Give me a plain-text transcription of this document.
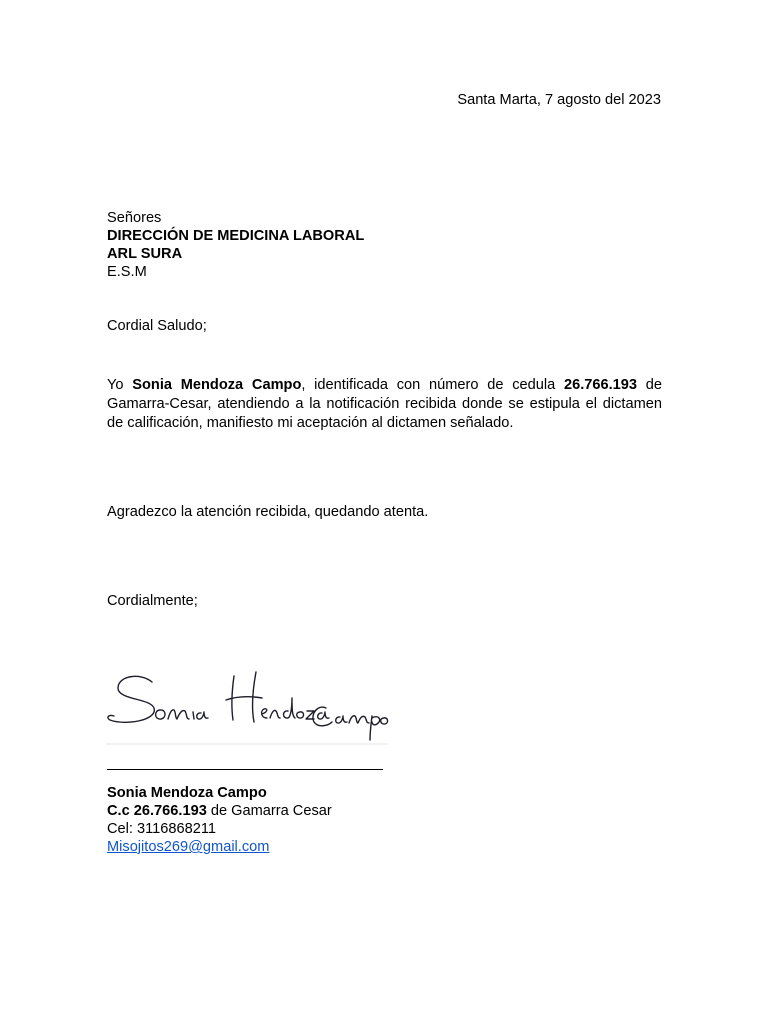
Santa Marta, 7 agosto del 2023
Señores
DIRECCIÓN DE MEDICINA LABORAL
ARL SURA
E.S.M
Cordial Saludo;
Yo Sonia Mendoza Campo, identificada con número de cedula 26.766.193 de Gamarra-Cesar, atendiendo a la notificación recibida donde se estipula el dictamen de calificación, manifiesto mi aceptación al dictamen señalado.
Agradezco la atención recibida, quedando atenta.
Cordialmente;
Sonia Mendoza Campo
C.c 26.766.193 de Gamarra Cesar
Cel: 3116868211
Misojitos269@gmail.com
